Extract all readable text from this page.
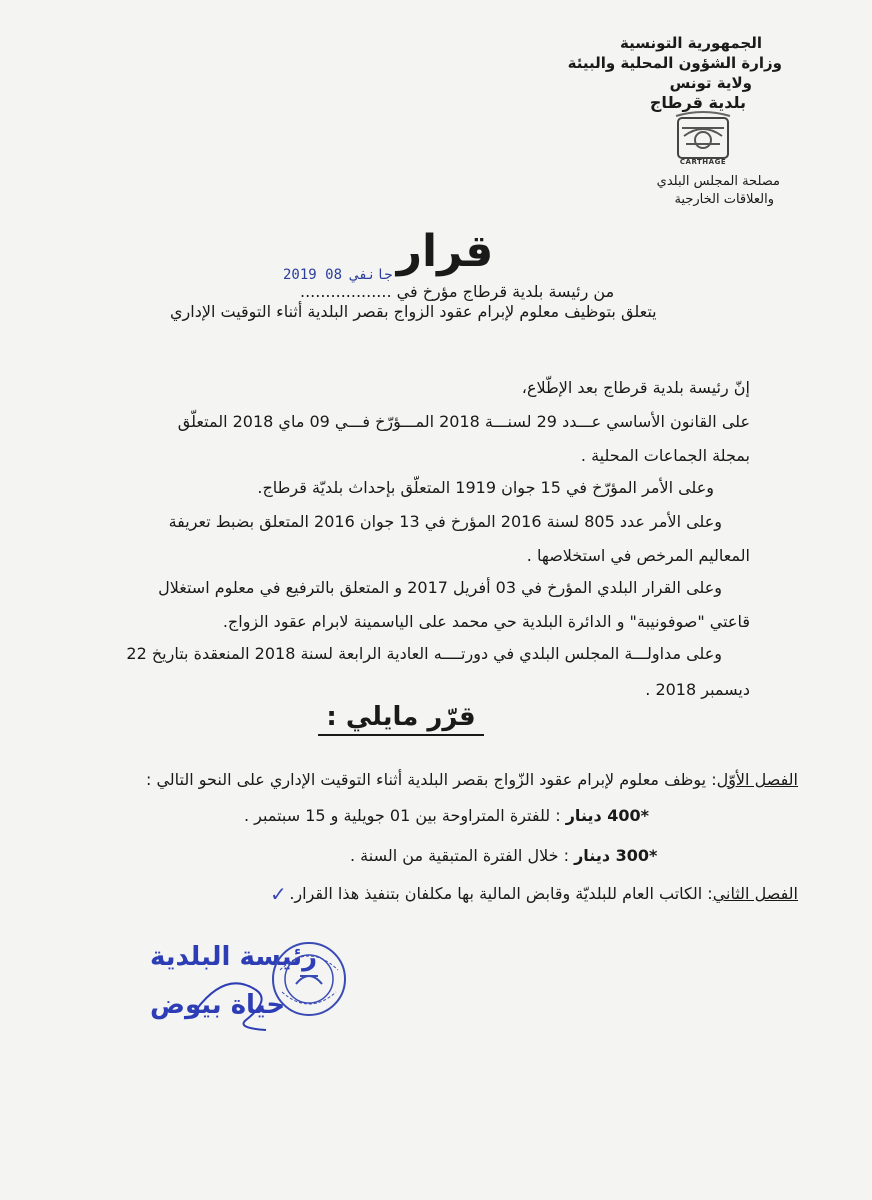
الجمهورية التونسية
وزارة الشؤون المحلية والبيئة
ولاية تونس
بلدية قرطاج
CARTHAGE
مصلحة المجلس البلدي
والعلاقات الخارجية
قرار
2019 جانفي 08
من رئيسة بلدية قرطاج مؤرخ في ..................
يتعلق بتوظيف معلوم لإبرام عقود الزواج بقصر البلدية أثناء التوقيت الإداري
إنّ رئيسة بلدية قرطاج بعد الإطّلاع،
على القانون الأساسي عـــدد 29 لسنـــة 2018 المـــؤرّخ فـــي 09 ماي 2018 المتعلّق
بمجلة الجماعات المحلية .
وعلى الأمر المؤرّخ في 15 جوان 1919 المتعلّق بإحداث بلديّة قرطاج.
وعلى الأمر عدد 805 لسنة 2016 المؤرخ في 13 جوان 2016 المتعلق بضبط تعريفة
المعاليم المرخص في استخلاصها .
وعلى القرار البلدي المؤرخ في 03 أفريل 2017 و المتعلق بالترفيع في معلوم استغلال
قاعتي "صوفونيبة" و الدائرة البلدية حي محمد على الياسمينة لابرام عقود الزواج.
وعلى مداولـــة المجلس البلدي في دورتــــه العادية الرابعة لسنة 2018 المنعقدة بتاريخ 22
ديسمبر 2018 .
قرّر مايلي :
الفصل الأوّل: يوظف معلوم لإبرام عقود الزّواج بقصر البلدية أثناء التوقيت الإداري على النحو التالي :
*400 دينار : للفترة المتراوحة بين 01 جويلية و 15 سبتمبر .
*300 دينار : خلال الفترة المتبقية من السنة .
الفصل الثاني: الكاتب العام للبلديّة وقابض المالية بها مكلفان بتنفيذ هذا القرار.
✓
رئيسة البلدية
حياة بيوض
